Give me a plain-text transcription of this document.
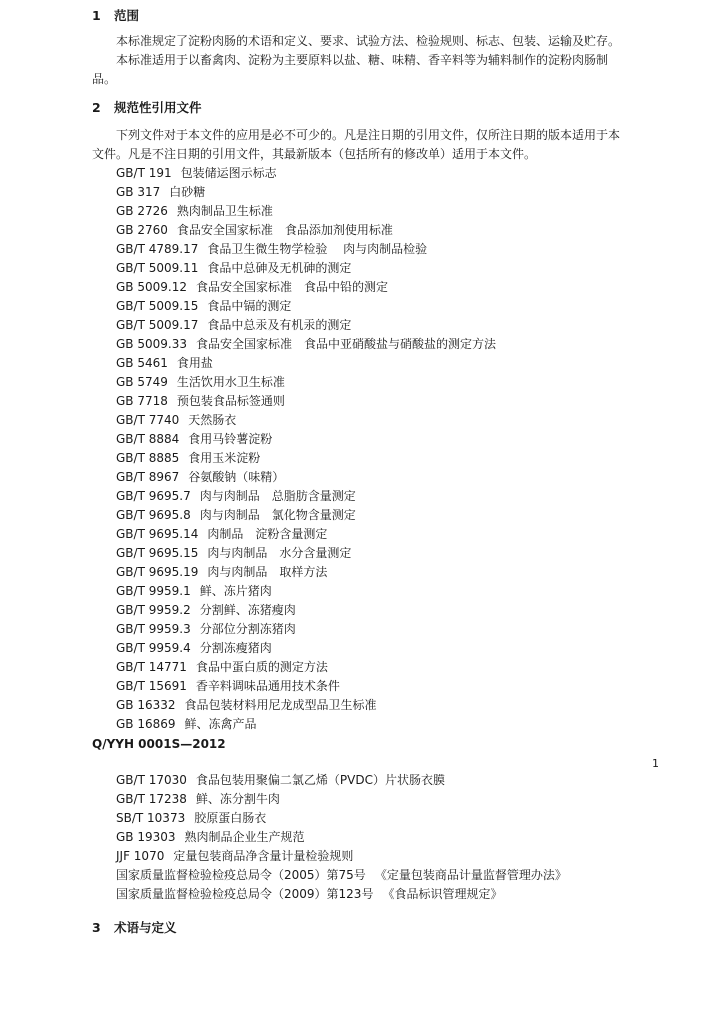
1 范围
本标准规定了淀粉肉肠的术语和定义、要求、试验方法、检验规则、标志、包装、运输及贮存。
本标准适用于以畜禽肉、淀粉为主要原料以盐、糖、味精、香辛料等为辅料制作的淀粉肉肠制
品。
2 规范性引用文件
下列文件对于本文件的应用是必不可少的。凡是注日期的引用文件，仅所注日期的版本适用于本
文件。凡是不注日期的引用文件，其最新版本（包括所有的修改单）适用于本文件。
GB/T 191 包装储运图示标志
GB 317 白砂糖
GB 2726 熟肉制品卫生标准
GB 2760 食品安全国家标准　食品添加剂使用标准
GB/T 4789.17 食品卫生微生物学检验　 肉与肉制品检验
GB/T 5009.11 食品中总砷及无机砷的测定
GB 5009.12 食品安全国家标准　食品中铅的测定
GB/T 5009.15 食品中镉的测定
GB/T 5009.17 食品中总汞及有机汞的测定
GB 5009.33 食品安全国家标准　食品中亚硝酸盐与硝酸盐的测定方法
GB 5461 食用盐
GB 5749 生活饮用水卫生标准
GB 7718 预包装食品标签通则
GB/T 7740 天然肠衣
GB/T 8884 食用马铃薯淀粉
GB/T 8885 食用玉米淀粉
GB/T 8967 谷氨酸钠（味精）
GB/T 9695.7 肉与肉制品　总脂肪含量测定
GB/T 9695.8 肉与肉制品　氯化物含量测定
GB/T 9695.14 肉制品　淀粉含量测定
GB/T 9695.15 肉与肉制品　水分含量测定
GB/T 9695.19 肉与肉制品　取样方法
GB/T 9959.1 鲜、冻片猪肉
GB/T 9959.2 分割鲜、冻猪瘦肉
GB/T 9959.3 分部位分割冻猪肉
GB/T 9959.4 分割冻瘦猪肉
GB/T 14771 食品中蛋白质的测定方法
GB/T 15691 香辛料调味品通用技术条件
GB 16332 食品包装材料用尼龙成型品卫生标准
GB 16869 鲜、冻禽产品
Q/YYH 0001S—2012
1
GB/T 17030 食品包装用聚偏二氯乙烯（PVDC）片状肠衣膜
GB/T 17238 鲜、冻分割牛肉
SB/T 10373 胶原蛋白肠衣
GB 19303 熟肉制品企业生产规范
JJF 1070 定量包装商品净含量计量检验规则
国家质量监督检验检疫总局令（2005）第75号 《定量包装商品计量监督管理办法》
国家质量监督检验检疫总局令（2009）第123号 《食品标识管理规定》
3 术语与定义
